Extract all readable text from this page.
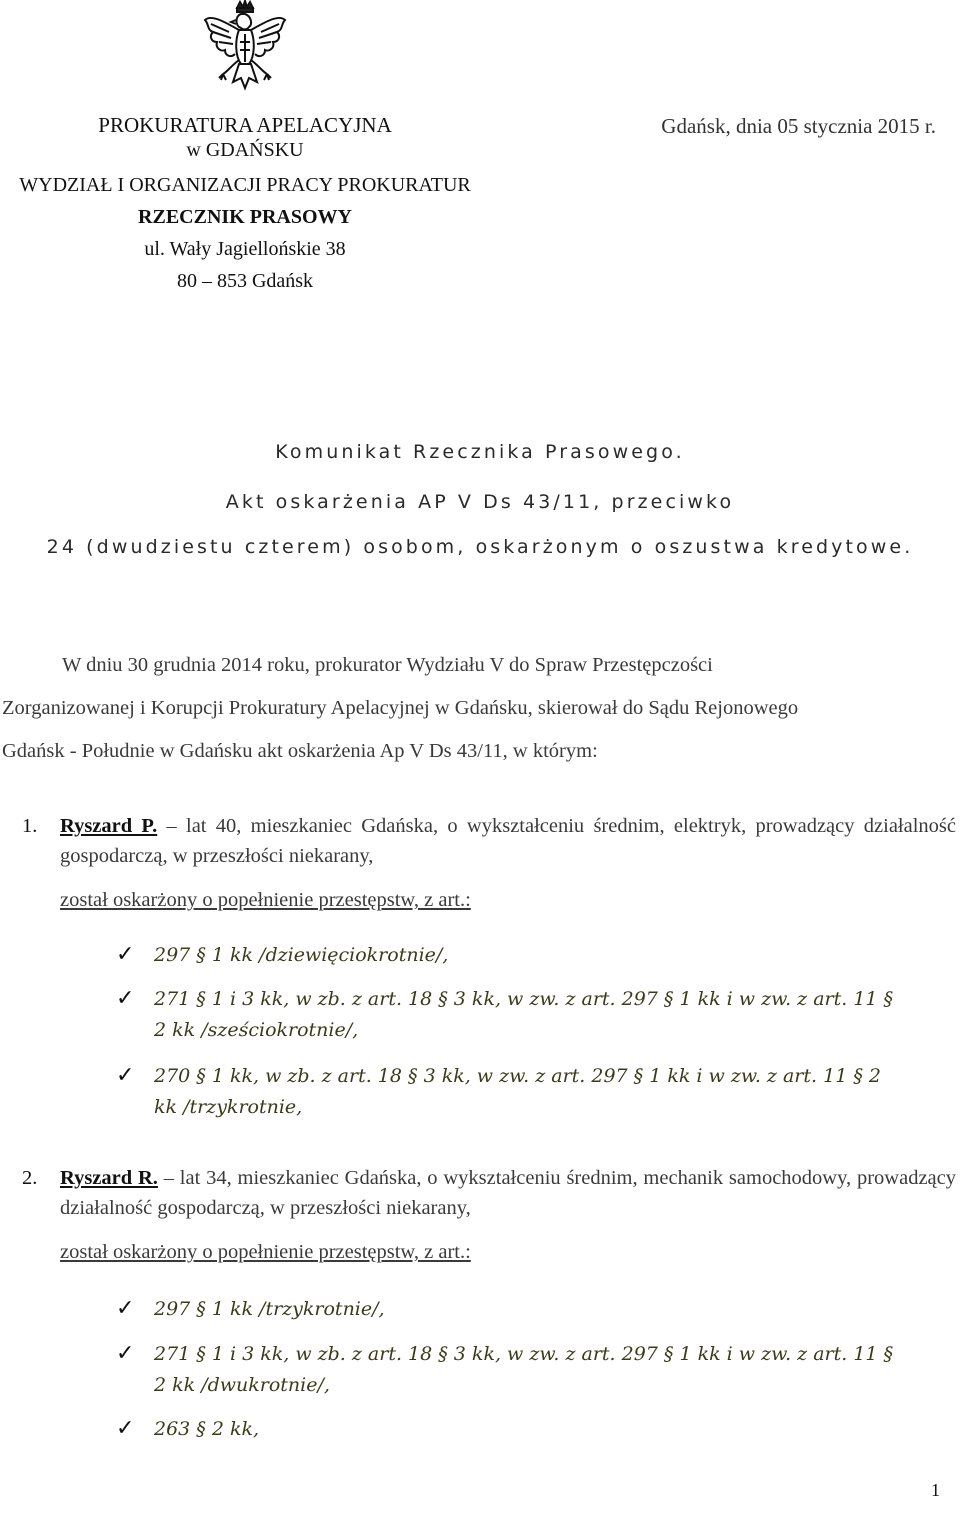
PROKURATURA APELACYJNA
w GDAŃSKU
WYDZIAŁ I ORGANIZACJI PRACY PROKURATUR
RZECZNIK PRASOWY
ul. Wały Jagiellońskie 38
80 – 853 Gdańsk
Gdańsk, dnia 05 stycznia 2015 r.
Komunikat Rzecznika Prasowego.
Akt oskarżenia AP V Ds 43/11, przeciwko
24 (dwudziestu czterem) osobom, oskarżonym o oszustwa kredytowe.
W dniu 30 grudnia 2014 roku, prokurator Wydziału V do Spraw Przestępczości
Zorganizowanej i Korupcji Prokuratury Apelacyjnej w Gdańsku, skierował do Sądu Rejonowego
Gdańsk - Południe w Gdańsku akt oskarżenia Ap V Ds 43/11, w którym:
1. Ryszard P. – lat 40, mieszkaniec Gdańska, o wykształceniu średnim, elektryk, prowadzący działalność gospodarczą, w przeszłości niekarany,
został oskarżony o popełnienie przestępstw, z art.:
✓ 297 § 1 kk /dziewięciokrotnie/,
✓ 271 § 1 i 3 kk, w zb. z art. 18 § 3 kk, w zw. z art. 297 § 1 kk i w zw. z art. 11 § 2 kk /sześciokrotnie/,
✓ 270 § 1 kk, w zb. z art. 18 § 3 kk, w zw. z art. 297 § 1 kk i w zw. z art. 11 § 2 kk /trzykrotnie,
2. Ryszard R. – lat 34, mieszkaniec Gdańska, o wykształceniu średnim, mechanik samochodowy, prowadzący działalność gospodarczą, w przeszłości niekarany,
został oskarżony o popełnienie przestępstw, z art.:
✓ 297 § 1 kk /trzykrotnie/,
✓ 271 § 1 i 3 kk, w zb. z art. 18 § 3 kk, w zw. z art. 297 § 1 kk i w zw. z art. 11 § 2 kk /dwukrotnie/,
✓ 263 § 2 kk,
1
